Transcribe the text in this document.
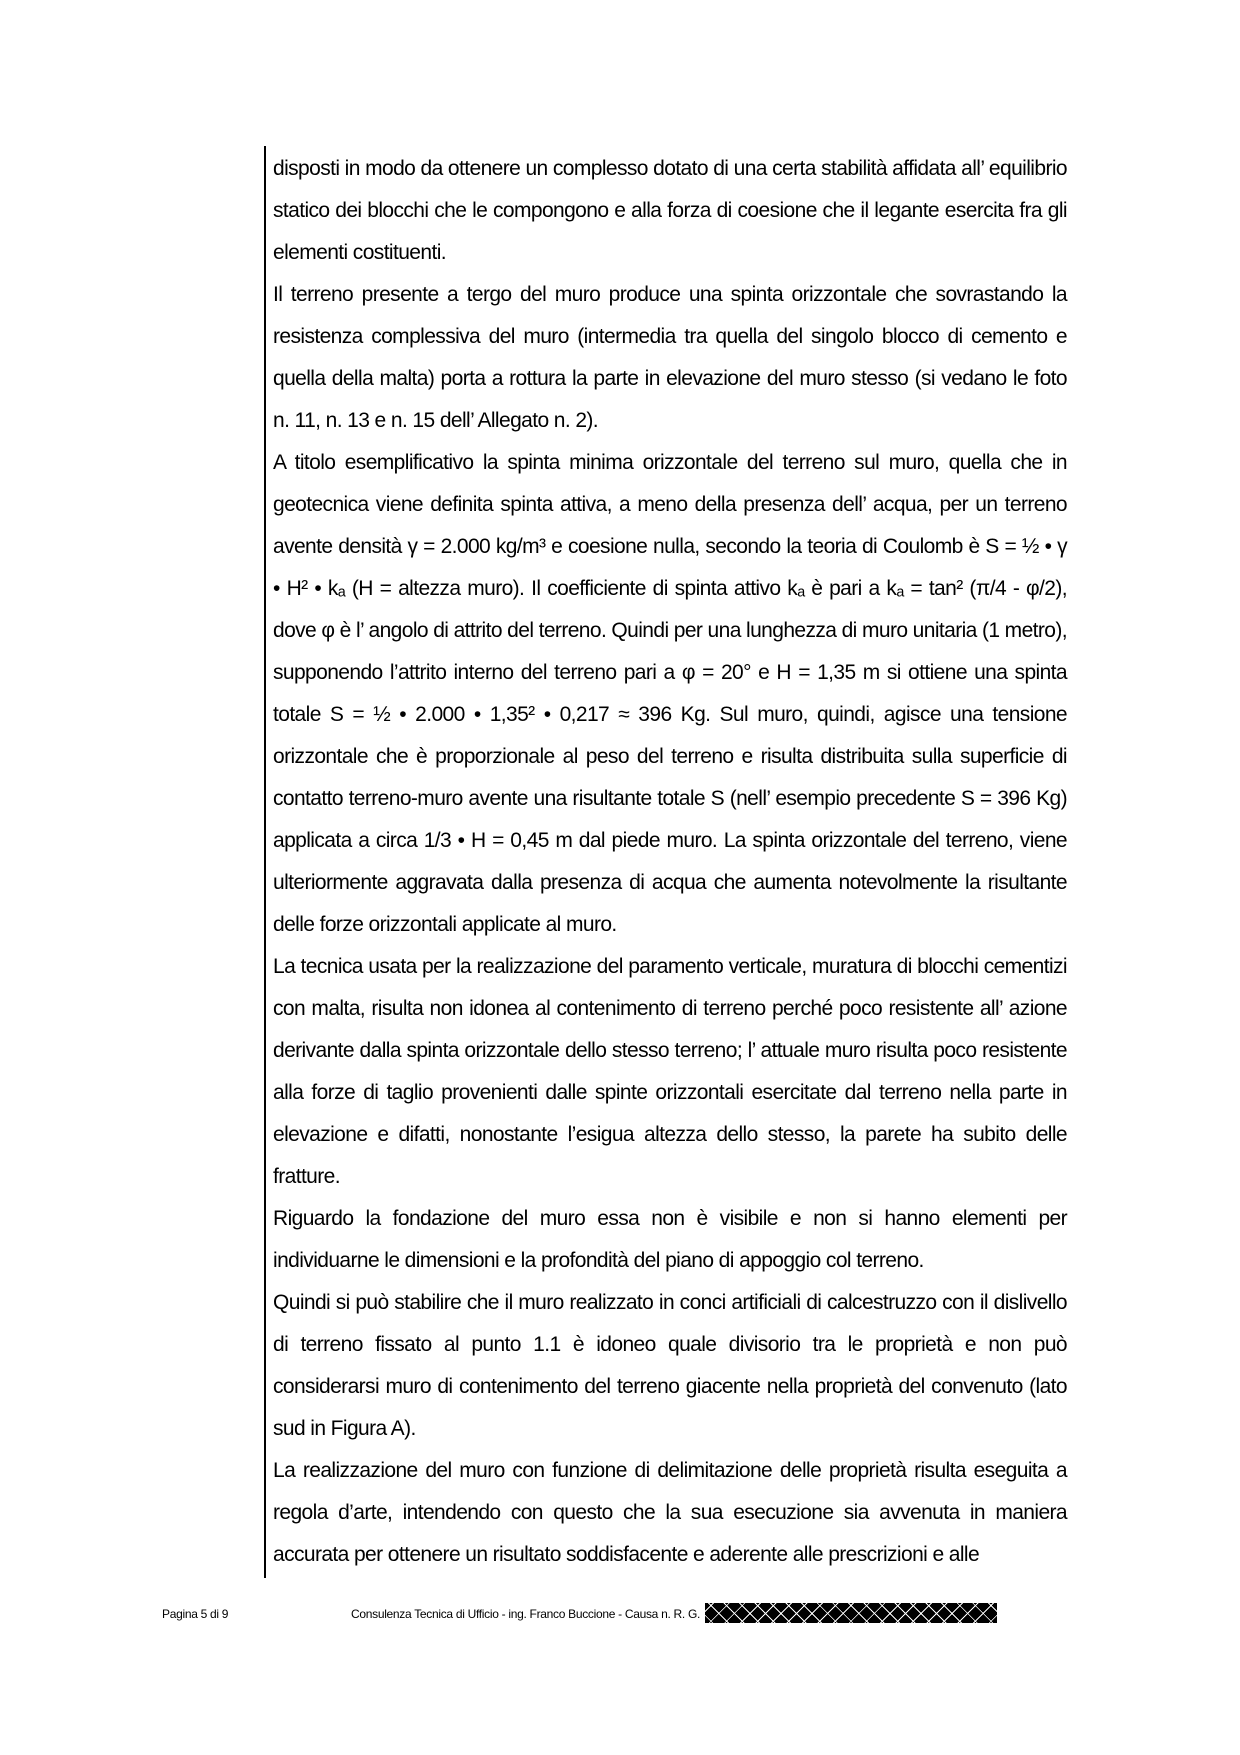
disposti in modo da ottenere un complesso dotato di una certa stabilità affidata all’ equilibrio statico dei blocchi che le compongono e alla forza di coesione che il legante esercita fra gli elementi costituenti.

Il terreno presente a tergo del muro produce una spinta orizzontale che sovrastando la resistenza complessiva del muro (intermedia tra quella del singolo blocco di cemento e quella della malta) porta a rottura la parte in elevazione del muro stesso (si vedano le foto n. 11, n. 13 e n. 15 dell’ Allegato n. 2).

A titolo esemplificativo la spinta minima orizzontale del terreno sul muro, quella che in geotecnica viene definita spinta attiva, a meno della presenza dell’ acqua, per un terreno avente densità γ = 2.000 kg/m³ e coesione nulla, secondo la teoria di Coulomb è S = ½ • γ • H² • kₐ (H = altezza muro). Il coefficiente di spinta attivo kₐ è pari a kₐ = tan² (π/4 - φ/2), dove φ è l’ angolo di attrito del terreno. Quindi per una lunghezza di muro unitaria (1 metro), supponendo l’attrito interno del terreno pari a φ = 20° e H = 1,35 m si ottiene una spinta totale S = ½ • 2.000 • 1,35² • 0,217 ≈ 396 Kg. Sul muro, quindi, agisce una tensione orizzontale che è proporzionale al peso del terreno e risulta distribuita sulla superficie di contatto terreno-muro avente una risultante totale S (nell’ esempio precedente S = 396 Kg) applicata a circa 1/3 • H = 0,45 m dal piede muro. La spinta orizzontale del terreno, viene ulteriormente aggravata dalla presenza di acqua che aumenta notevolmente la risultante delle forze orizzontali applicate al muro.

La tecnica usata per la realizzazione del paramento verticale, muratura di blocchi cementizi con malta, risulta non idonea al contenimento di terreno perché poco resistente all’ azione derivante dalla spinta orizzontale dello stesso terreno; l’ attuale muro risulta poco resistente alla forze di taglio provenienti dalle spinte orizzontali esercitate dal terreno nella parte in elevazione e difatti, nonostante l’esigua altezza dello stesso, la parete ha subito delle fratture.

Riguardo la fondazione del muro essa non è visibile e non si hanno elementi per individuarne le dimensioni e la profondità del piano di appoggio col terreno.

Quindi si può stabilire che il muro realizzato in conci artificiali di calcestruzzo con il dislivello di terreno fissato al punto 1.1 è idoneo quale divisorio tra le proprietà e non può considerarsi muro di contenimento del terreno giacente nella proprietà del convenuto (lato sud in Figura A).

La realizzazione del muro con funzione di delimitazione delle proprietà risulta eseguita a regola d’arte, intendendo con questo che la sua esecuzione sia avvenuta in maniera accurata per ottenere un risultato soddisfacente e aderente alle prescrizioni e alle

Pagina 5 di 9	Consulenza Tecnica di Ufficio - ing. Franco Buccione - Causa n. R. G.
